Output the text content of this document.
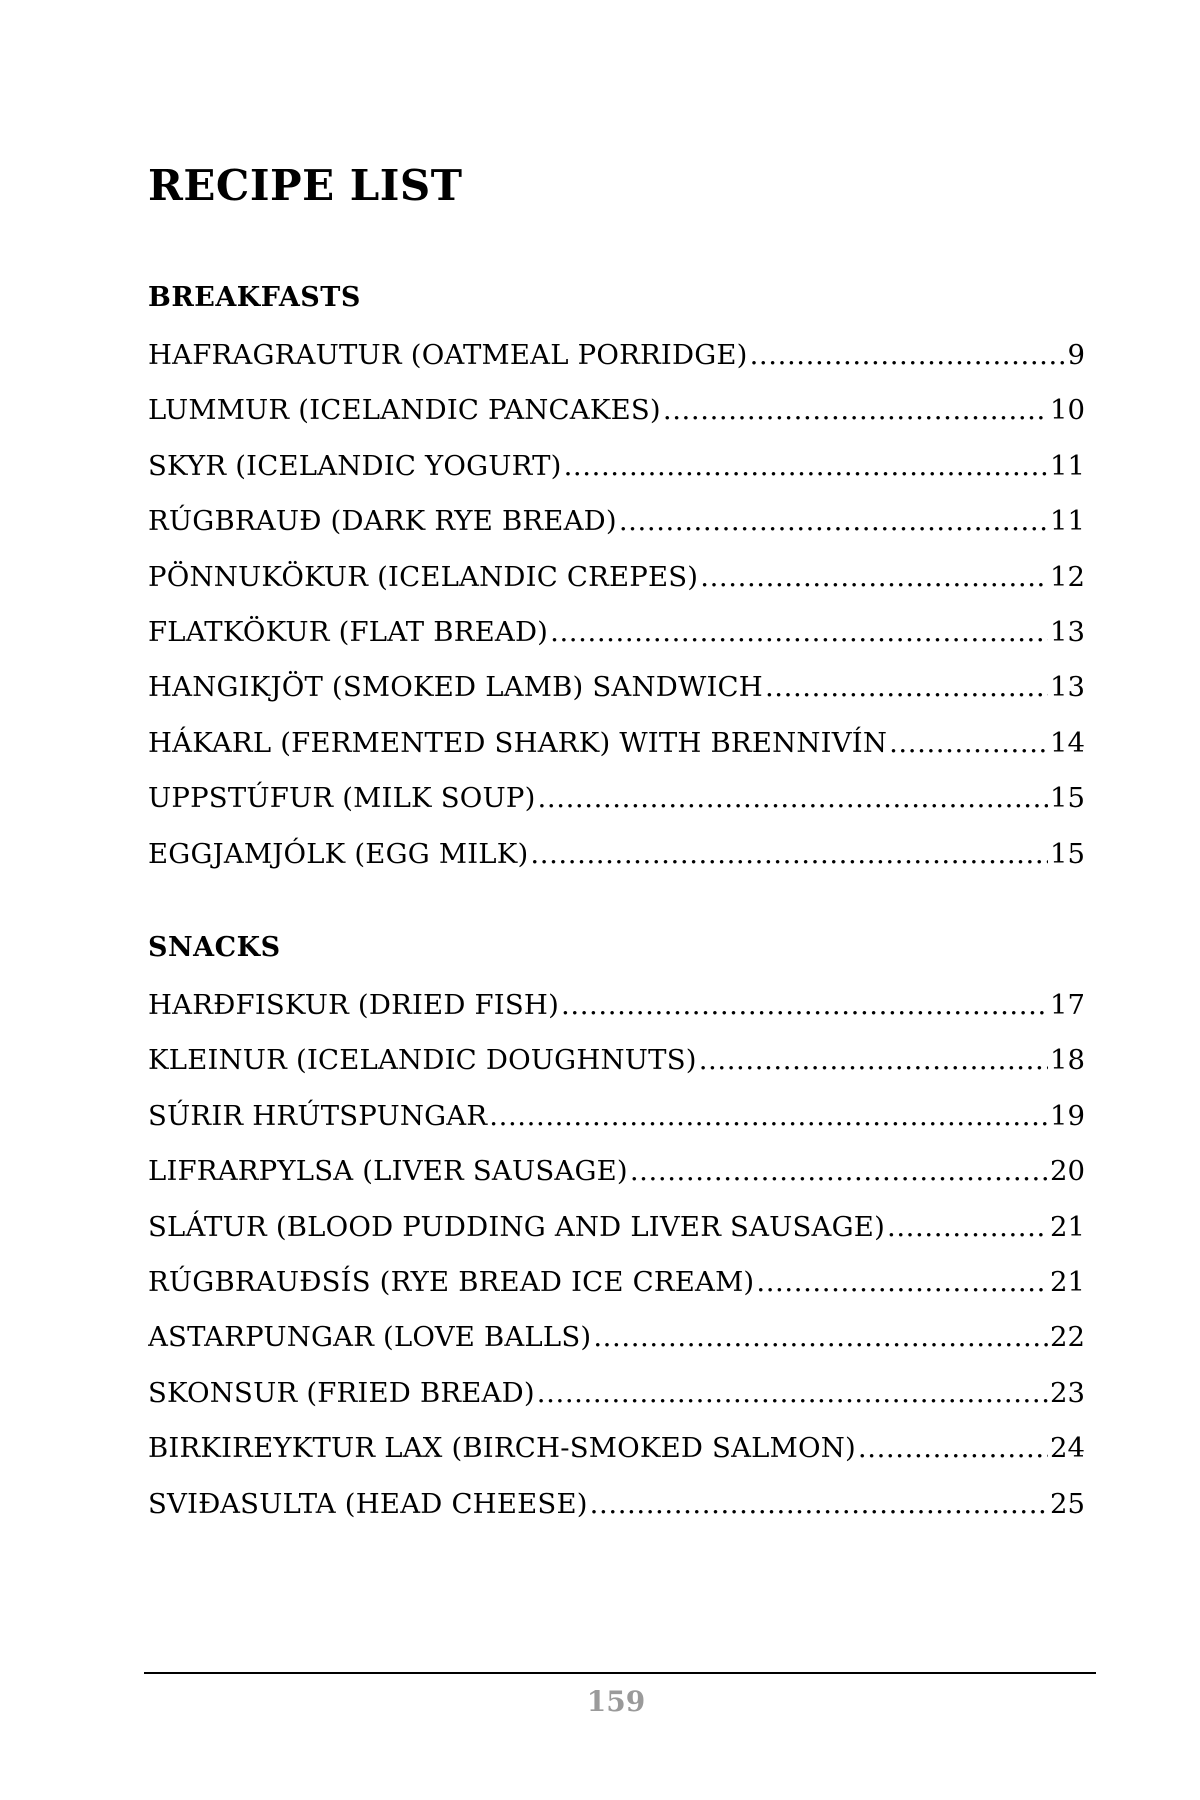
RECIPE LIST
BREAKFASTS
HAFRAGRAUTUR (OATMEAL PORRIDGE) .....	9
LUMMUR (ICELANDIC PANCAKES) .....	10
SKYR (ICELANDIC YOGURT) .....	11
RÚGBRAUÐ (DARK RYE BREAD) .....	11
PÖNNUKÖKUR (ICELANDIC CREPES) .....	12
FLATKÖKUR (FLAT BREAD) .....	13
HANGIKJÖT (SMOKED LAMB) SANDWICH .....	13
HÁKARL (FERMENTED SHARK) WITH BRENNIVÍN .....	14
UPPSTÚFUR (MILK SOUP) .....	15
EGGJAMJÓLK (EGG MILK) .....	15
SNACKS
HARÐFISKUR (DRIED FISH) .....	17
KLEINUR (ICELANDIC DOUGHNUTS) .....	18
SÚRIR HRÚTSPUNGAR .....	19
LIFRARPYLSA (LIVER SAUSAGE) .....	20
SLÁTUR (BLOOD PUDDING AND LIVER SAUSAGE) .....	21
RÚGBRAUÐSÍS (RYE BREAD ICE CREAM) .....	21
ASTARPUNGAR (LOVE BALLS) .....	22
SKONSUR (FRIED BREAD) .....	23
BIRKIREYKTUR LAX (BIRCH-SMOKED SALMON) .....	24
SVIÐASULTA (HEAD CHEESE) .....	25
159
